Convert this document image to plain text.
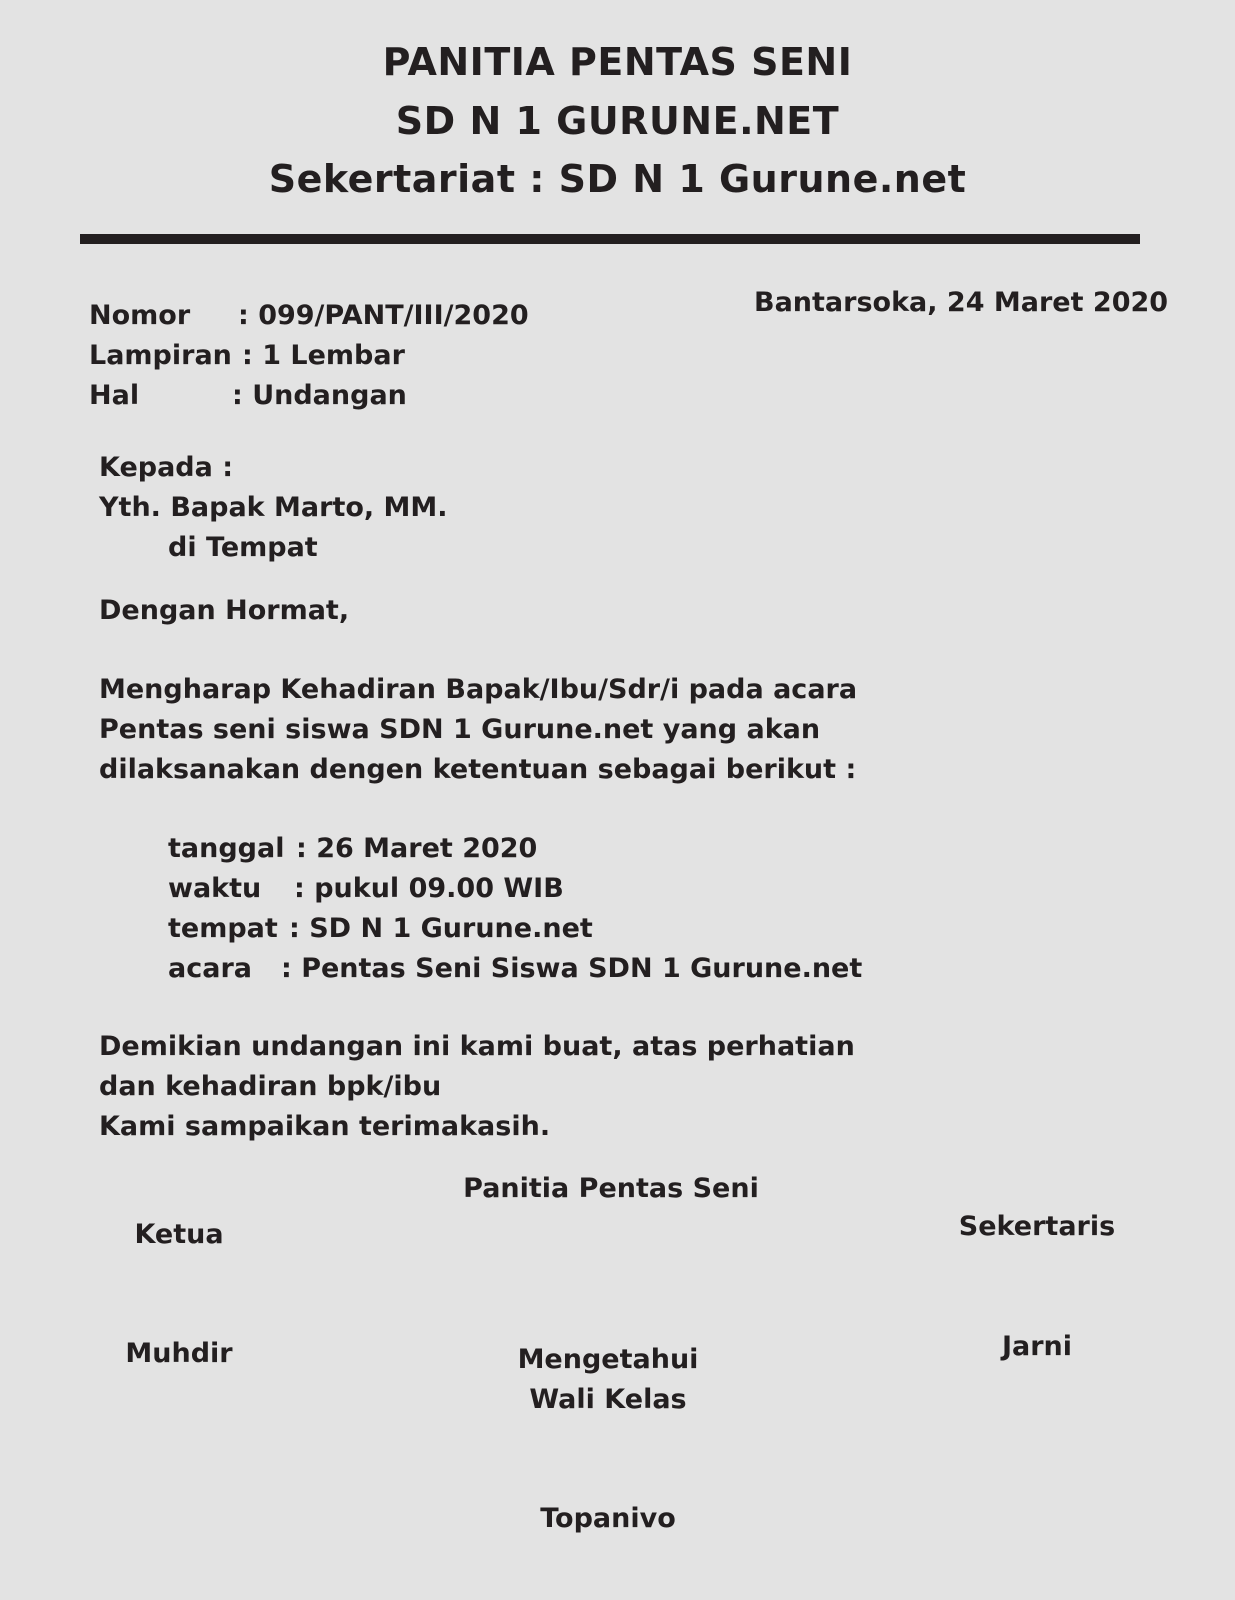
PANITIA PENTAS SENI
SD N 1 GURUNE.NET
Sekertariat : SD N 1 Gurune.net
Bantarsoka, 24 Maret 2020
Nomor : 099/PANT/III/2020
Lampiran : 1 Lembar
Hal	: Undangan
Kepada :
Yth. Bapak Marto, MM.
di Tempat
Dengan Hormat,
Mengharap Kehadiran Bapak/Ibu/Sdr/i pada acara
Pentas seni siswa SDN 1 Gurune.net yang akan
dilaksanakan dengen ketentuan sebagai berikut :
tanggal : 26 Maret 2020
waktu : pukul 09.00 WIB
tempat : SD N 1 Gurune.net
acara : Pentas Seni Siswa SDN 1 Gurune.net
Demikian undangan ini kami buat, atas perhatian
dan kehadiran bpk/ibu
Kami sampaikan terimakasih.
Panitia Pentas Seni
Ketua
Muhdir
Sekertaris
Jarni
Mengetahui
Wali Kelas
Topanivo
